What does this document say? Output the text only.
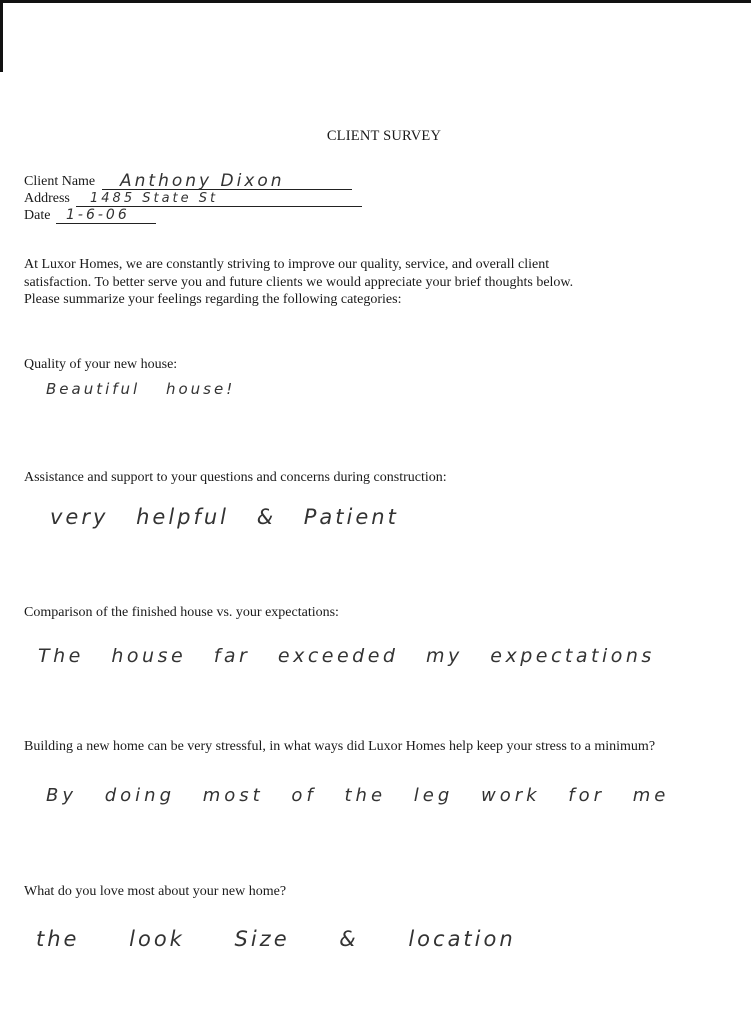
CLIENT SURVEY
Client Name Anthony Dixon
Address 1485 State St
Date 1-6-06

At Luxor Homes, we are constantly striving to improve our quality, service, and overall client

satisfaction. To better serve you and future clients we would appreciate your brief thoughts below.

Please summarize your feelings regarding the following categories:

Quality of your new house:
Beautiful house!
Assistance and support to your questions and concerns during construction:
very helpful & Patient
Comparison of the finished house vs. your expectations:
The house far exceeded my expectations
Building a new home can be very stressful, in what ways did Luxor Homes help keep your stress to a minimum?
By doing most of the leg work for me
What do you love most about your new home?
the look Size & location
